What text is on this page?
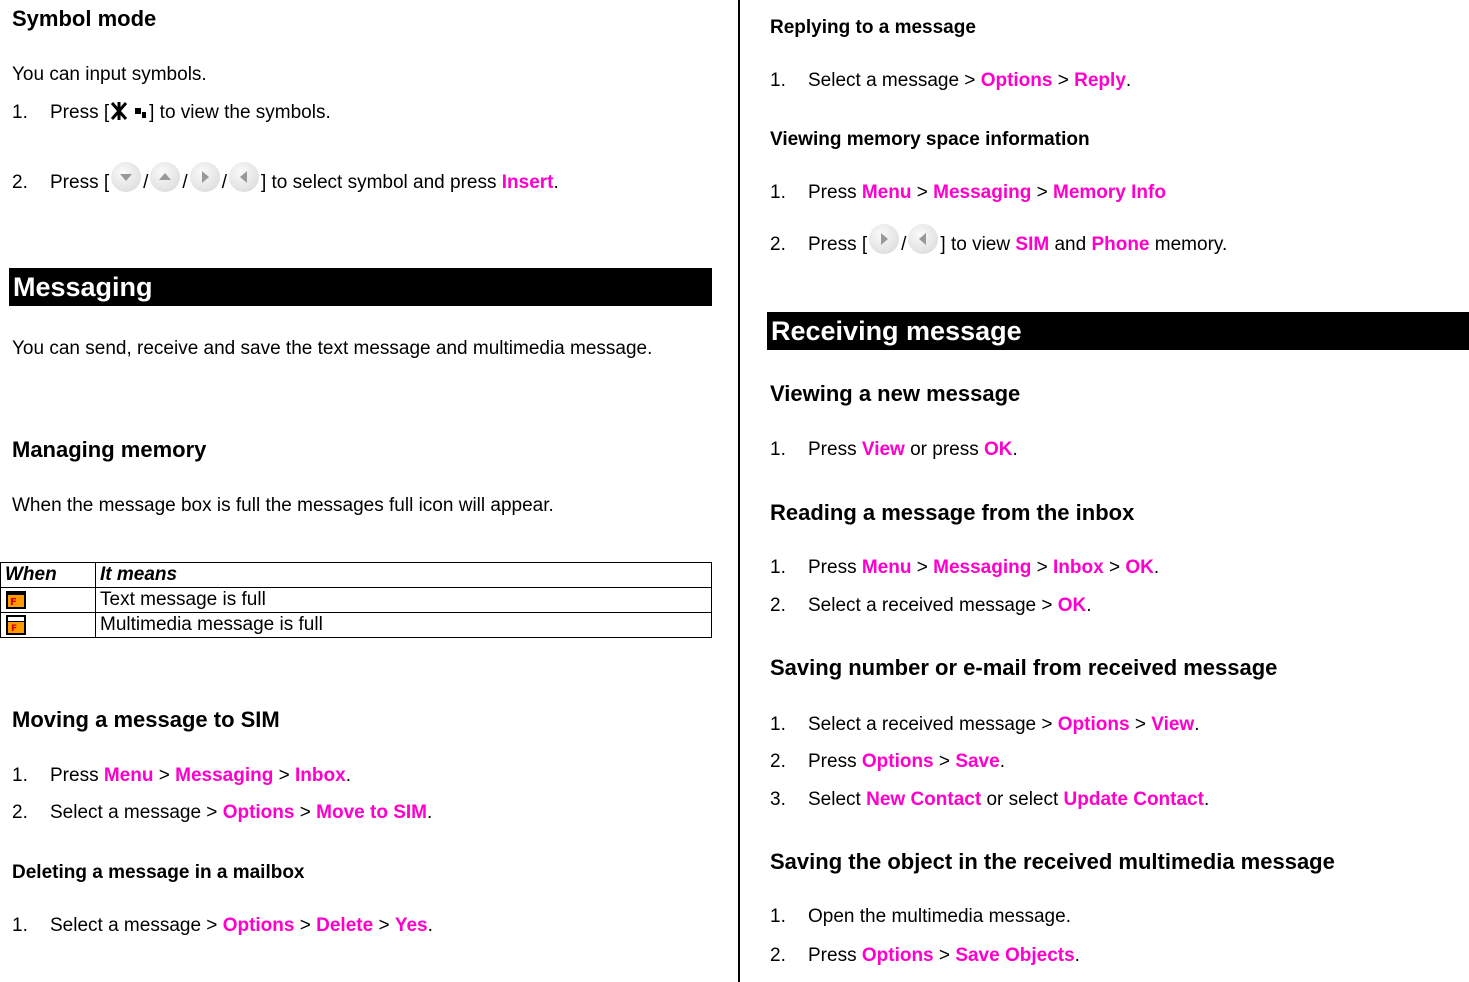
Symbol mode
You can input symbols.
1. Press [ ] to view the symbols.
2. Press [ / / / ] to select symbol and press Insert.
Messaging
You can send, receive and save the text message and multimedia message.
Managing memory
When the message box is full the messages full icon will appear.
When	It means

F	Text message is full

F	Multimedia message is full
Moving a message to SIM
1. Press Menu > Messaging > Inbox.
2. Select a message > Options > Move to SIM.
Deleting a message in a mailbox
1. Select a message > Options > Delete > Yes.
Replying to a message
1. Select a message > Options > Reply.
Viewing memory space information
1. Press Menu > Messaging > Memory Info
2. Press [ / ] to view SIM and Phone memory.
Receiving message
Viewing a new message
1. Press View or press OK.
Reading a message from the inbox
1. Press Menu > Messaging > Inbox > OK.
2. Select a received message > OK.
Saving number or e-mail from received message
1. Select a received message > Options > View.
2. Press Options > Save.
3. Select New Contact or select Update Contact.
Saving the object in the received multimedia message
1. Open the multimedia message.
2. Press Options > Save Objects.
